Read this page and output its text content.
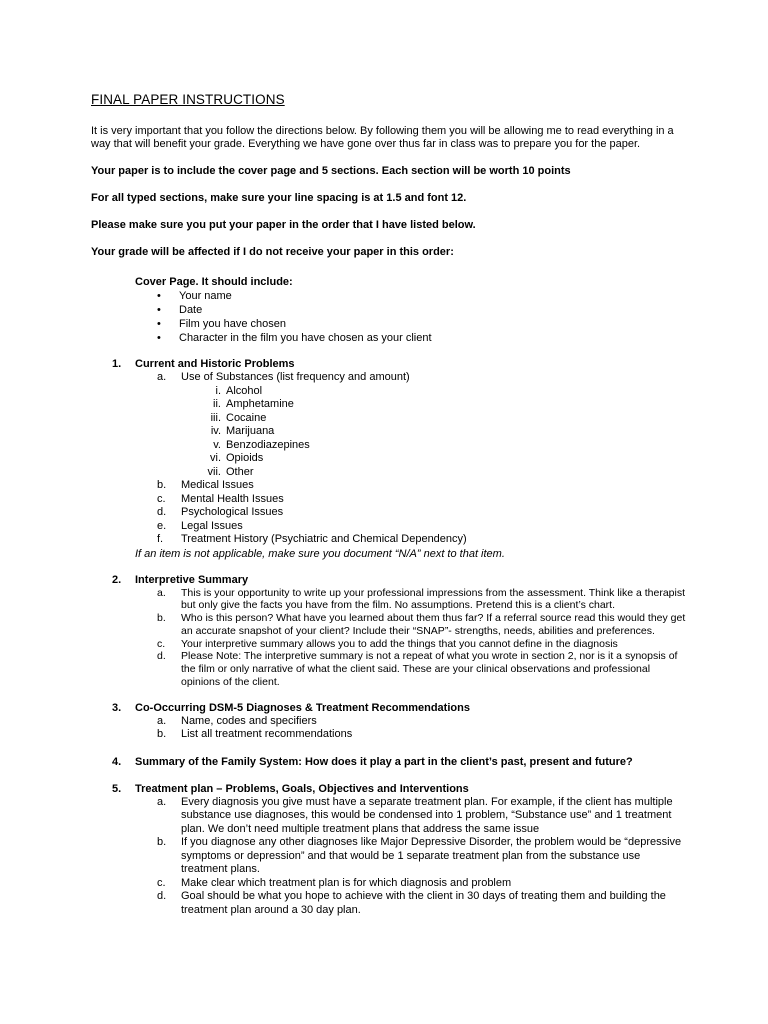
FINAL PAPER INSTRUCTIONS

It is very important that you follow the directions below. By following them you will be allowing me to read everything in a way that will benefit your grade. Everything we have gone over thus far in class was to prepare you for the paper.

Your paper is to include the cover page and 5 sections. Each section will be worth 10 points

For all typed sections, make sure your line spacing is at 1.5 and font 12.

Please make sure you put your paper in the order that I have listed below.

Your grade will be affected if I do not receive your paper in this order:

Cover Page. It should include:
• Your name
• Date
• Film you have chosen
• Character in the film you have chosen as your client
1. Current and Historic Problems
a.	Use of Substances (list frequency and amount)
i. Alcohol
ii. Amphetamine
iii. Cocaine
iv. Marijuana
v. Benzodiazepines
vi. Opioids
vii. Other
b.	Medical Issues
c.	Mental Health Issues
d.	Psychological Issues
e.	Legal Issues
f.	Treatment History (Psychiatric and Chemical Dependency)
If an item is not applicable, make sure you document “N/A” next to that item.
2. Interpretive Summary
a.	This is your opportunity to write up your professional impressions from the assessment. Think like a therapist but only give the facts you have from the film. No assumptions. Pretend this is a client’s chart.
b.	Who is this person? What have you learned about them thus far? If a referral source read this would they get an accurate snapshot of your client? Include their “SNAP”- strengths, needs, abilities and preferences.
c.	Your interpretive summary allows you to add the things that you cannot define in the diagnosis
d.	Please Note: The interpretive summary is not a repeat of what you wrote in section 2, nor is it a synopsis of the film or only narrative of what the client said. These are your clinical observations and professional opinions of the client.
3. Co-Occurring DSM-5 Diagnoses & Treatment Recommendations
a.	Name, codes and specifiers
b.	List all treatment recommendations
4. Summary of the Family System: How does it play a part in the client’s past, present and future?
5. Treatment plan – Problems, Goals, Objectives and Interventions
a.	Every diagnosis you give must have a separate treatment plan. For example, if the client has multiple substance use diagnoses, this would be condensed into 1 problem, “Substance use” and 1 treatment plan. We don’t need multiple treatment plans that address the same issue
b.	If you diagnose any other diagnoses like Major Depressive Disorder, the problem would be “depressive symptoms or depression” and that would be 1 separate treatment plan from the substance use treatment plans.
c.	Make clear which treatment plan is for which diagnosis and problem
d.	Goal should be what you hope to achieve with the client in 30 days of treating them and building the treatment plan around a 30 day plan.
